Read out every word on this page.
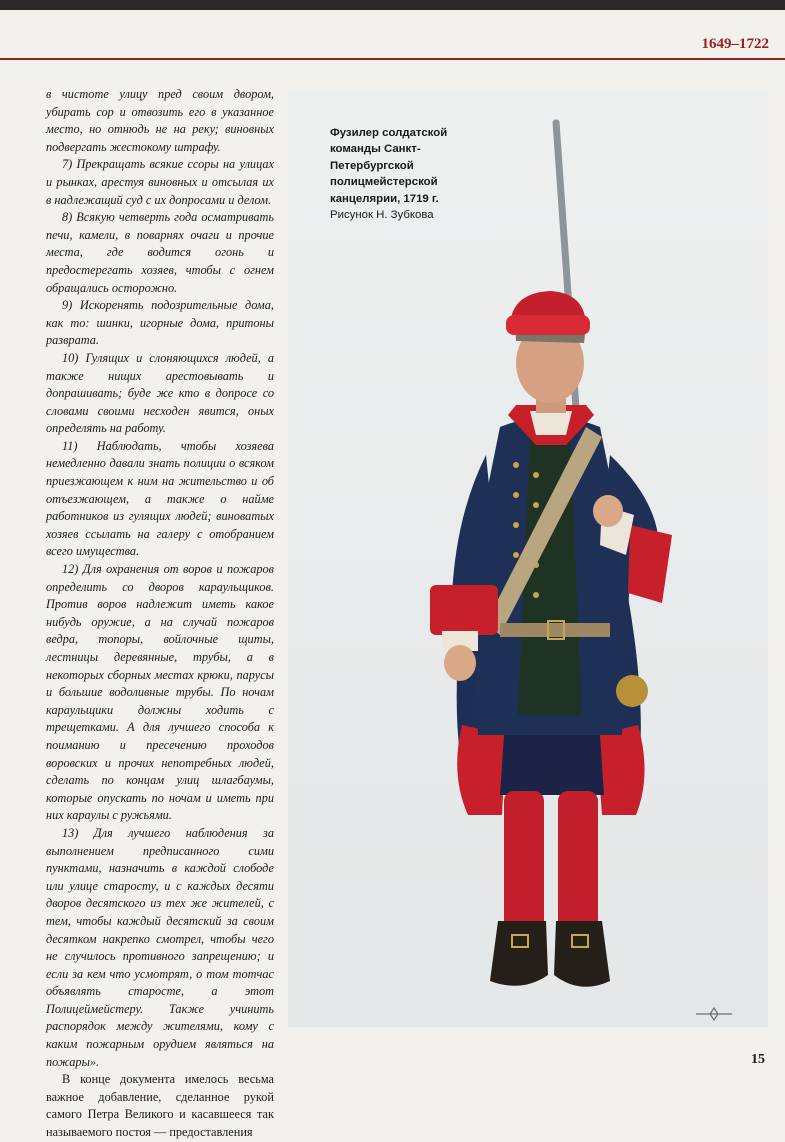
1649–1722

в чистоте улицу пред своим двором, убирать сор и отвозить его в указанное место, но отнюдь не на реку; виновных подвергать жестокому штрафу.

7) Прекращать всякие ссоры на улицах и рынках, арестуя виновных и отсылая их в надлежащий суд с их допросами и делом.

8) Всякую четверть года осматривать печи, камели, в поварнях очаги и прочие места, где водится огонь и предостерегать хозяев, чтобы с огнем обращались осторожно.

9) Искоренять подозрительные дома, как то: шинки, игорные дома, притоны разврата.

10) Гулящих и слоняющихся людей, а также нищих арестовывать и допрашивать; буде же кто в допросе со словами своими несходен явится, оных определять на работу.

11) Наблюдать, чтобы хозяева немедленно давали знать полиции о всяком приезжающем к ним на жительство и об отъезжающем, а также о найме работников из гулящих людей; виноватых хозяев ссылать на галеру с отобранием всего имущества.

12) Для охранения от воров и пожаров определить со дворов караульщиков. Против воров надлежит иметь какое нибудь оружие, а на случай пожаров ведра, топоры, войлочные щиты, лестницы деревянные, трубы, а в некоторых сборных местах крюки, парусы и большие водоливные трубы. По ночам караульщики должны ходить с трещетками. А для лучшего способа к поиманию и пресечению проходов воровских и прочих непотребных людей, сделать по концам улиц шлагбаумы, которые опускать по ночам и иметь при них караулы с ружьями.

13) Для лучшего наблюдения за выполнением предписанного сими пунктами, назначить в каждой слободе или улице старосту, и с каждых десяти дворов десятского из тех же жителей, с тем, чтобы каждый десятский за своим десятком накрепко смотрел, чтобы чего не случилось противного запрещению; и если за кем что усмотрят, о том тотчас объявлять старосте, а этот Полицеймейстеру. Также учинить распорядок между жителями, кому с каким пожарным орудием являться на пожары».

В конце документа имелось весьма важное добавление, сделанное рукой самого Петра Великого и касавшееся так называемого постоя — предоставления

Фузилер солдатской команды Санкт-Петербургской полицмейстерской канцелярии, 1719 г. Рисунок Н. Зубкова
15
